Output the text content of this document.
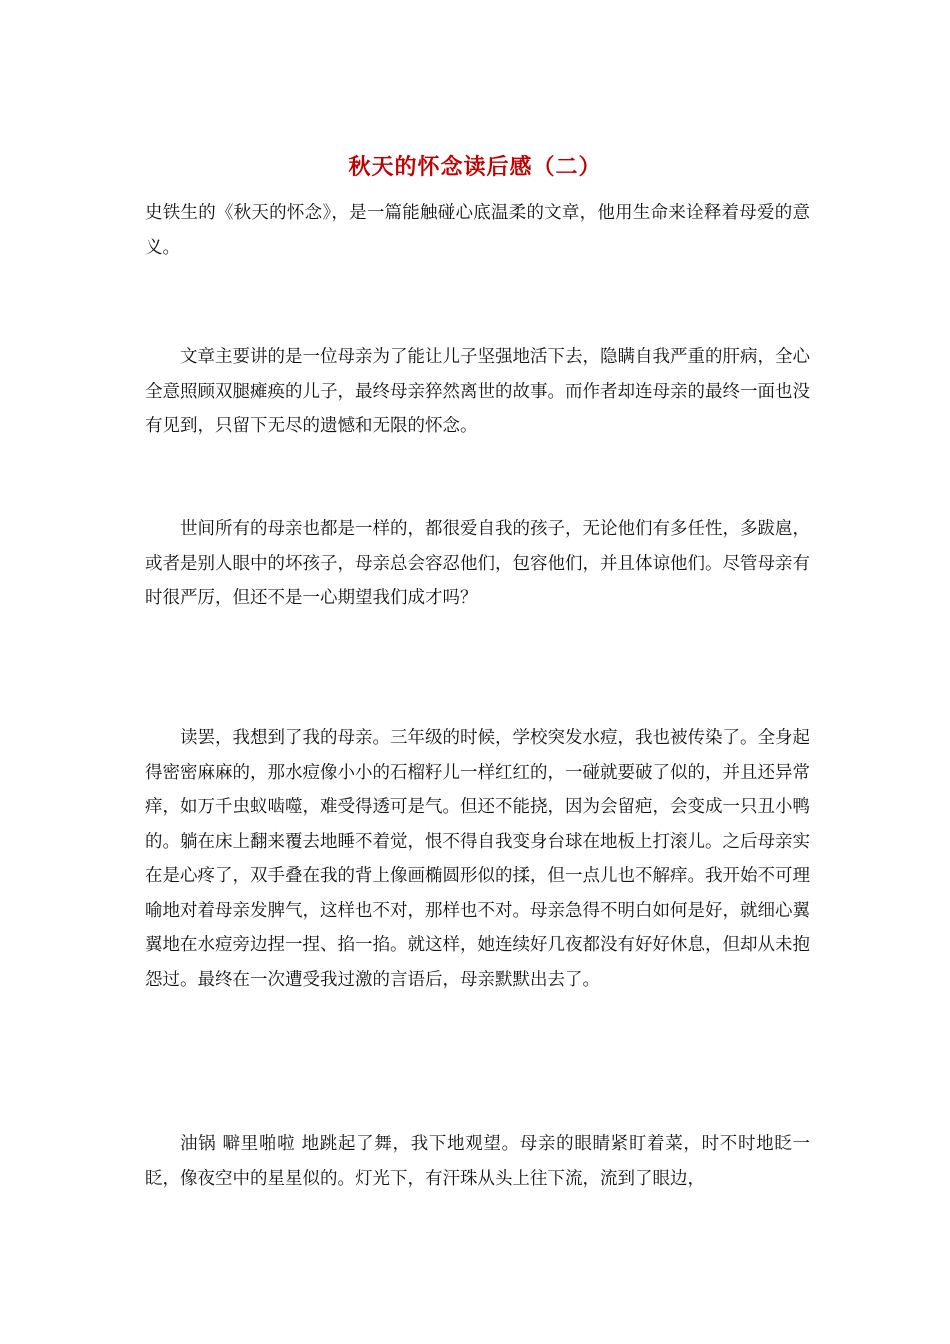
秋天的怀念读后感（二）

史铁生的《秋天的怀念》，是一篇能触碰心底温柔的文章，他用生命来诠释着母爱的意义。

文章主要讲的是一位母亲为了能让儿子坚强地活下去，隐瞒自我严重的肝病，全心全意照顾双腿瘫痪的儿子，最终母亲猝然离世的故事。而作者却连母亲的最终一面也没有见到，只留下无尽的遗憾和无限的怀念。

世间所有的母亲也都是一样的，都很爱自我的孩子，无论他们有多任性，多跋扈，或者是别人眼中的坏孩子，母亲总会容忍他们，包容他们，并且体谅他们。尽管母亲有时很严厉，但还不是一心期望我们成才吗？

读罢，我想到了我的母亲。三年级的时候，学校突发水痘，我也被传染了。全身起得密密麻麻的，那水痘像小小的石榴籽儿一样红红的，一碰就要破了似的，并且还异常痒，如万千虫蚁啮噬，难受得透可是气。但还不能挠，因为会留疤，会变成一只丑小鸭的。躺在床上翻来覆去地睡不着觉，恨不得自我变身台球在地板上打滚儿。之后母亲实在是心疼了，双手叠在我的背上像画椭圆形似的揉，但一点儿也不解痒。我开始不可理喻地对着母亲发脾气，这样也不对，那样也不对。母亲急得不明白如何是好，就细心翼翼地在水痘旁边捏一捏、掐一掐。就这样，她连续好几夜都没有好好休息，但却从未抱怨过。最终在一次遭受我过激的言语后，母亲默默出去了。

油锅 噼里啪啦 地跳起了舞，我下地观望。母亲的眼睛紧盯着菜，时不时地眨一眨，像夜空中的星星似的。灯光下，有汗珠从头上往下流，流到了眼边，
